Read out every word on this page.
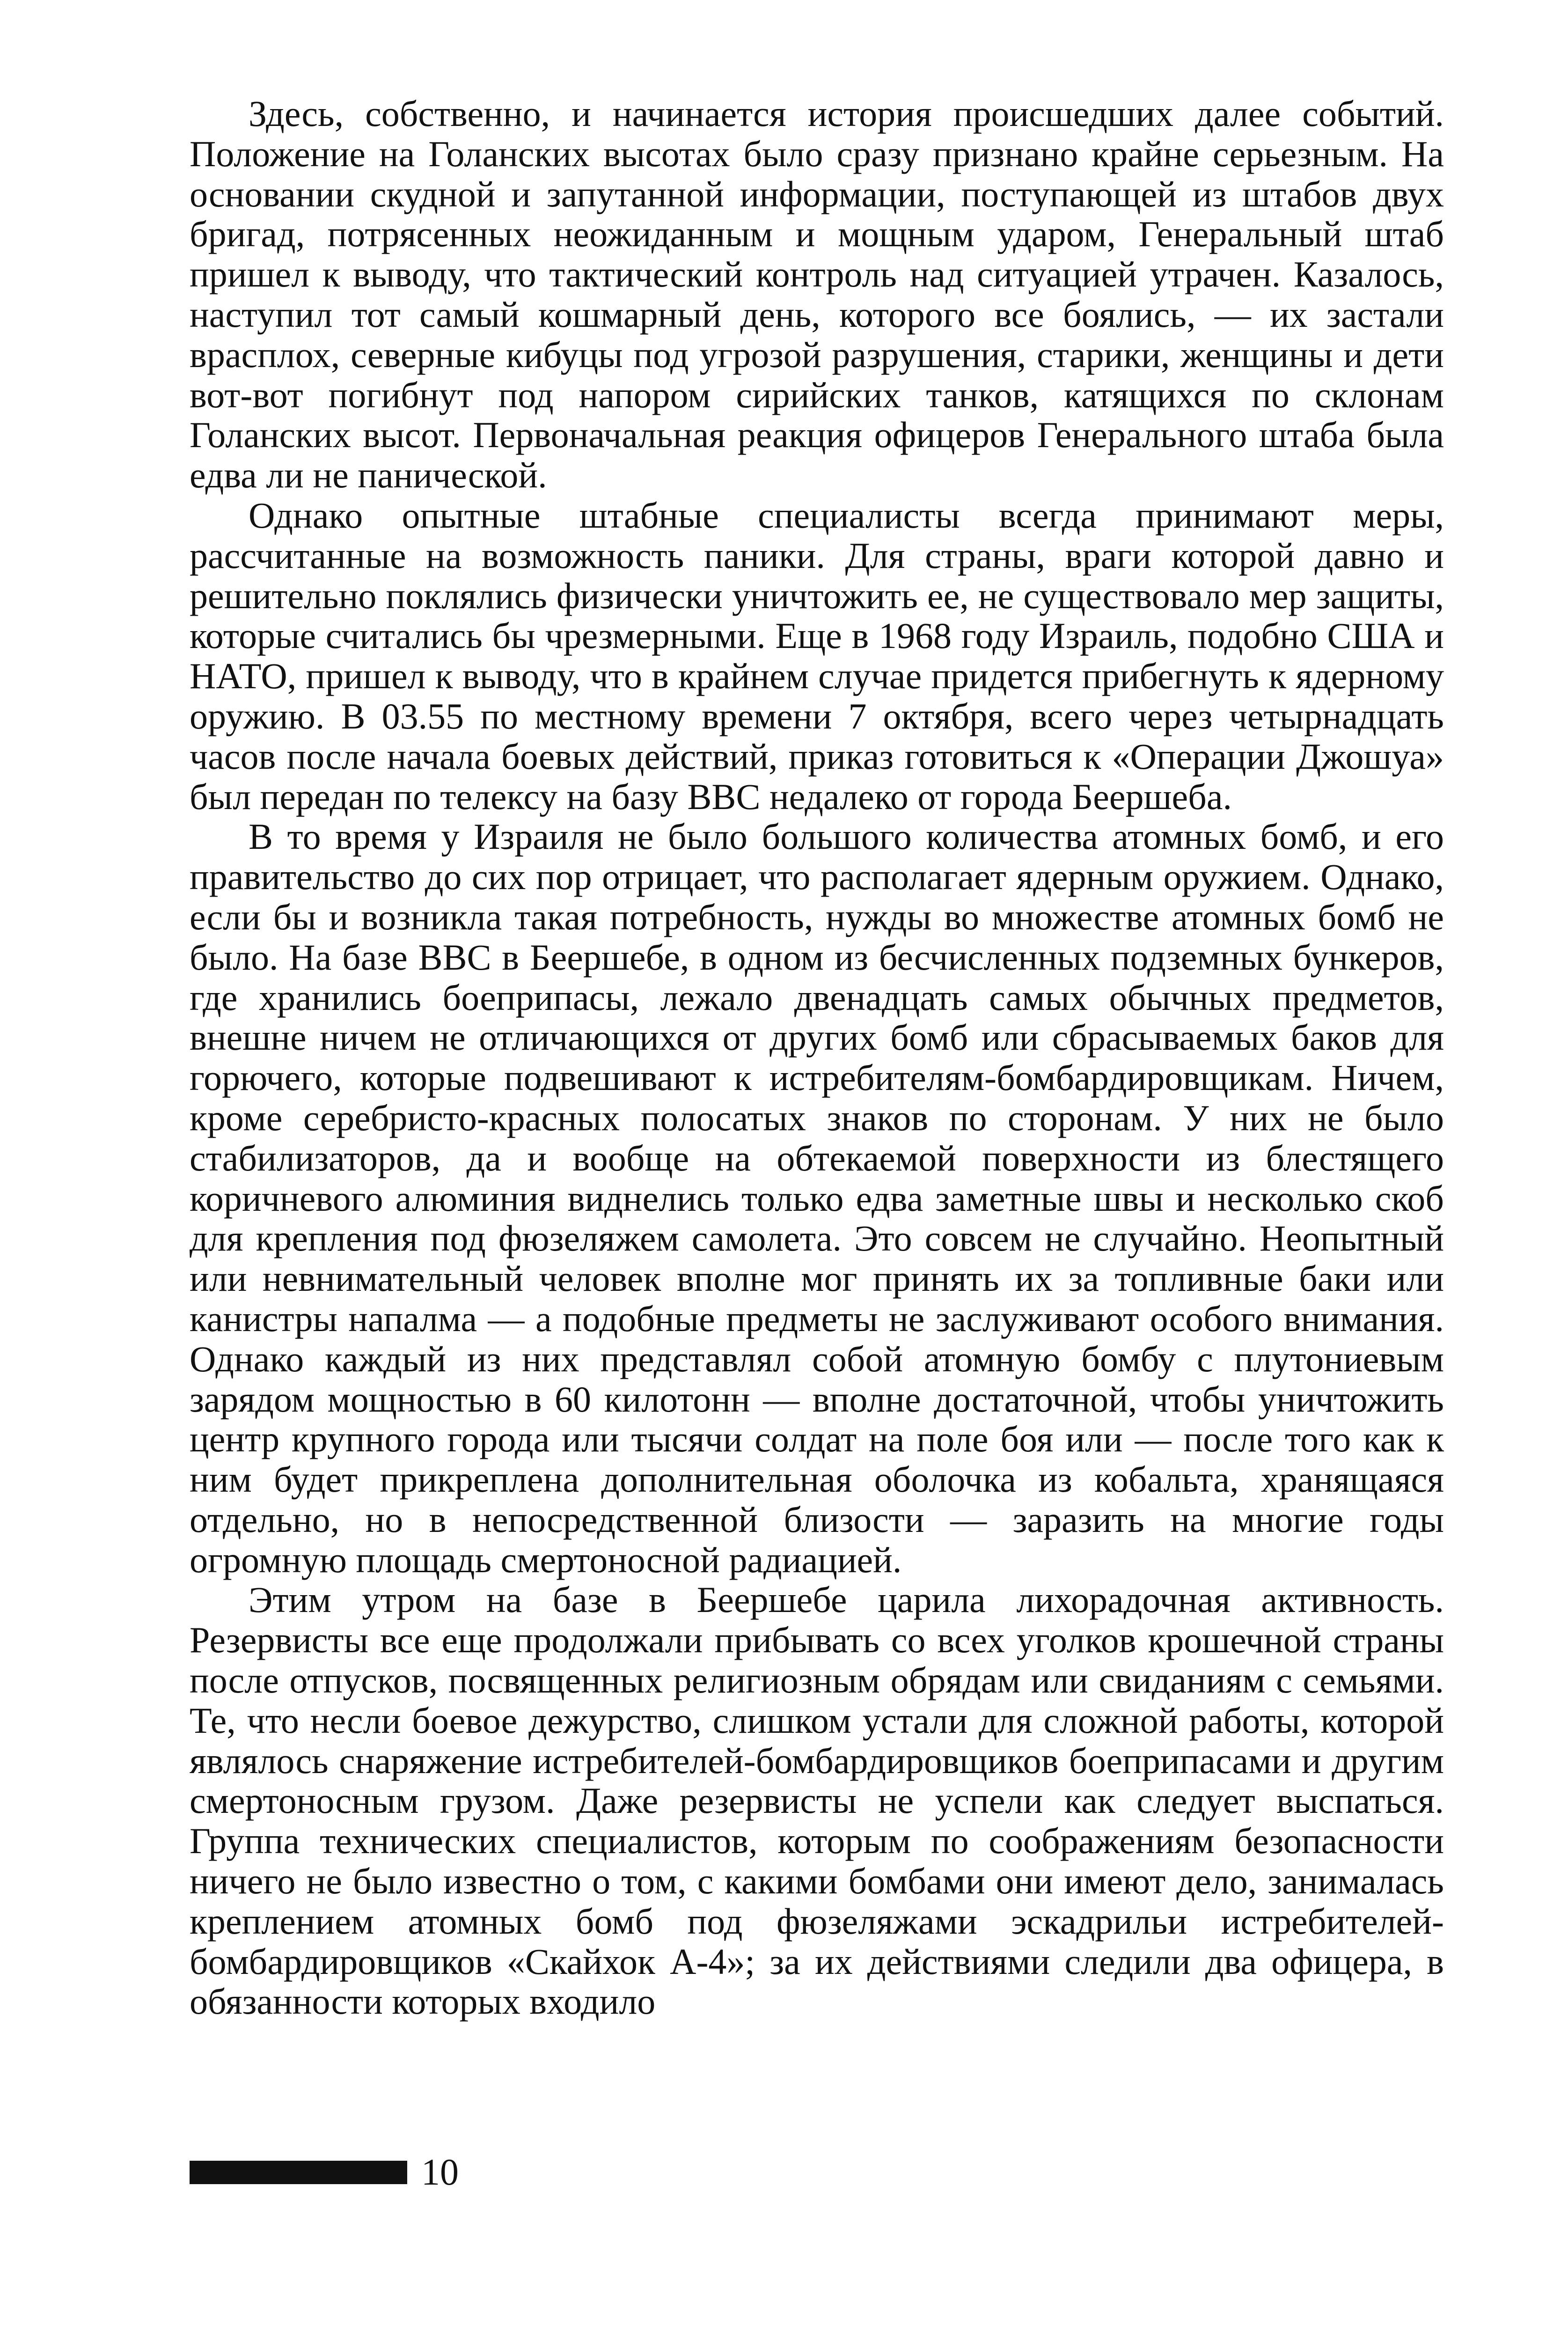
Здесь, собственно, и начинается история происшедших далее событий. Положение на Голанских высотах было сразу признано крайне серьезным. На основании скудной и запутанной информации, поступающей из штабов двух бригад, потрясенных неожиданным и мощным ударом, Генеральный штаб пришел к выводу, что тактический контроль над ситуацией утрачен. Казалось, наступил тот самый кошмарный день, которого все боялись, — их застали врасплох, северные кибуцы под угрозой разрушения, старики, женщины и дети вот-вот погибнут под напором сирийских танков, катящихся по склонам Голанских высот. Первоначальная реакция офицеров Генерального штаба была едва ли не панической.

Однако опытные штабные специалисты всегда принимают меры, рассчитанные на возможность паники. Для страны, враги которой давно и решительно поклялись физически уничтожить ее, не существовало мер защиты, которые считались бы чрезмерными. Еще в 1968 году Израиль, подобно США и НАТО, пришел к выводу, что в крайнем случае придется прибегнуть к ядерному оружию. В 03.55 по местному времени 7 октября, всего через четырнадцать часов после начала боевых действий, приказ готовиться к «Операции Джошуа» был передан по телексу на базу ВВС недалеко от города Беершеба.

В то время у Израиля не было большого количества атомных бомб, и его правительство до сих пор отрицает, что располагает ядерным оружием. Однако, если бы и возникла такая потребность, нужды во множестве атомных бомб не было. На базе ВВС в Беершебе, в одном из бесчисленных подземных бункеров, где хранились боеприпасы, лежало двенадцать самых обычных предметов, внешне ничем не отличающихся от других бомб или сбрасываемых баков для горючего, которые подвешивают к истребителям-бомбардировщикам. Ничем, кроме серебристо-красных полосатых знаков по сторонам. У них не было стабилизаторов, да и вообще на обтекаемой поверхности из блестящего коричневого алюминия виднелись только едва заметные швы и несколько скоб для крепления под фюзеляжем самолета. Это совсем не случайно. Неопытный или невнимательный человек вполне мог принять их за топливные баки или канистры напалма — а подобные предметы не заслуживают особого внимания. Однако каждый из них представлял собой атомную бомбу с плутониевым зарядом мощностью в 60 килотонн — вполне достаточной, чтобы уничтожить центр крупного города или тысячи солдат на поле боя или — после того как к ним будет прикреплена дополнительная оболочка из кобальта, хранящаяся отдельно, но в непосредственной близости — заразить на многие годы огромную площадь смертоносной радиацией.

Этим утром на базе в Беершебе царила лихорадочная активность. Резервисты все еще продолжали прибывать со всех уголков крошечной страны после отпусков, посвященных религиозным обрядам или свиданиям с семьями. Те, что несли боевое дежурство, слишком устали для сложной работы, которой являлось снаряжение истребителей-бомбардировщиков боеприпасами и другим смертоносным грузом. Даже резервисты не успели как следует выспаться. Группа технических специалистов, которым по соображениям безопасности ничего не было известно о том, с какими бомбами они имеют дело, занималась креплением атомных бомб под фюзеляжами эскадрильи истребителей-бомбардировщиков «Скайхок А-4»; за их действиями следили два офицера, в обязанности которых входило

10
